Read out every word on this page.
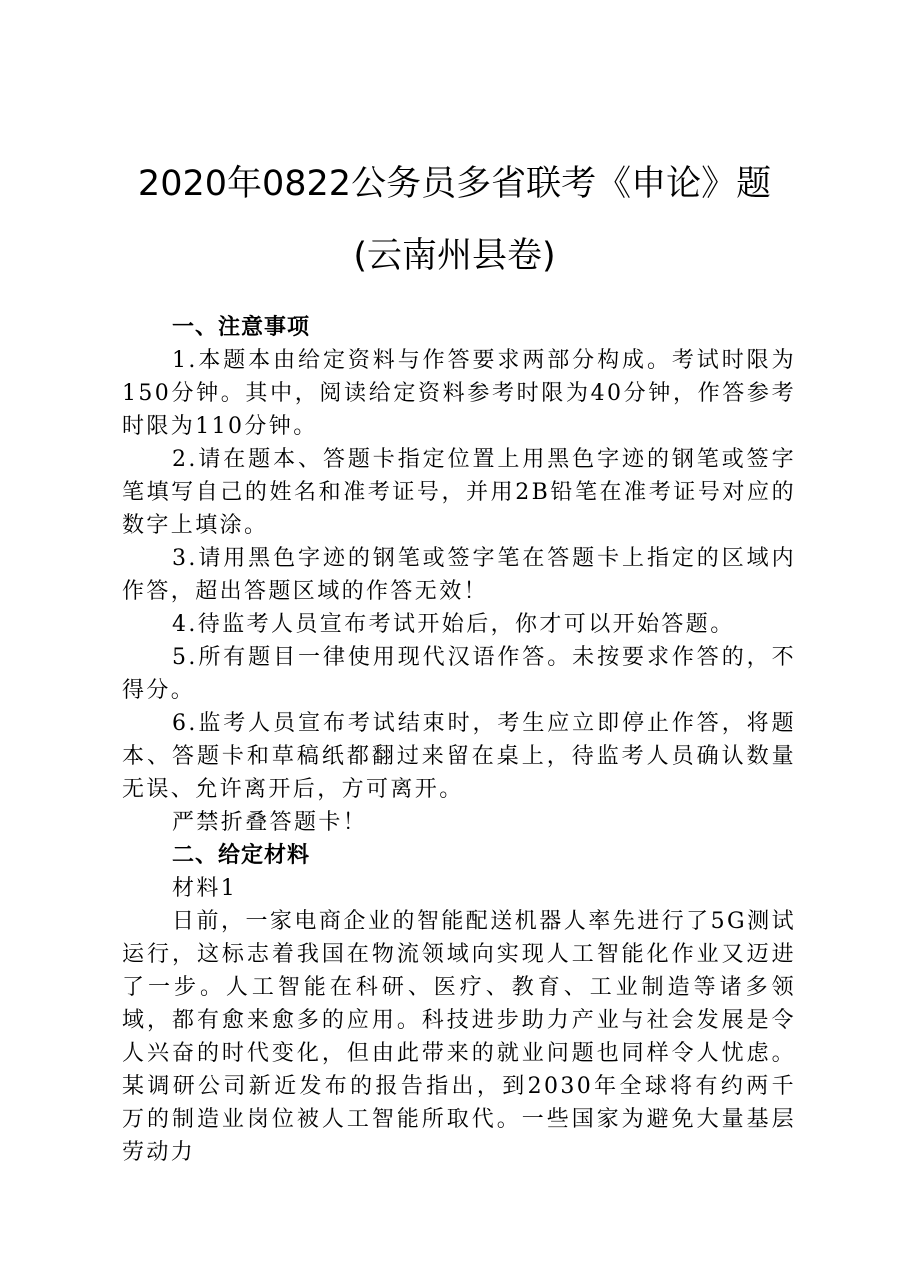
2020年0822公务员多省联考《申论》题
(云南州县卷)

一、注意事项

1.本题本由给定资料与作答要求两部分构成。考试时限为150分钟。其中，阅读给定资料参考时限为40分钟，作答参考时限为110分钟。

2.请在题本、答题卡指定位置上用黑色字迹的钢笔或签字笔填写自己的姓名和准考证号，并用2B铅笔在准考证号对应的数字上填涂。

3.请用黑色字迹的钢笔或签字笔在答题卡上指定的区域内作答，超出答题区域的作答无效！

4.待监考人员宣布考试开始后，你才可以开始答题。

5.所有题目一律使用现代汉语作答。未按要求作答的，不得分。

6.监考人员宣布考试结束时，考生应立即停止作答，将题本、答题卡和草稿纸都翻过来留在桌上，待监考人员确认数量无误、允许离开后，方可离开。

严禁折叠答题卡！

二、给定材料

材料1

日前，一家电商企业的智能配送机器人率先进行了5G测试运行，这标志着我国在物流领域向实现人工智能化作业又迈进了一步。人工智能在科研、医疗、教育、工业制造等诸多领域，都有愈来愈多的应用。科技进步助力产业与社会发展是令人兴奋的时代变化，但由此带来的就业问题也同样令人忧虑。 某调研公司新近发布的报告指出，到2030年全球将有约两千万的制造业岗位被人工智能所取代。一些国家为避免大量基层劳动力
